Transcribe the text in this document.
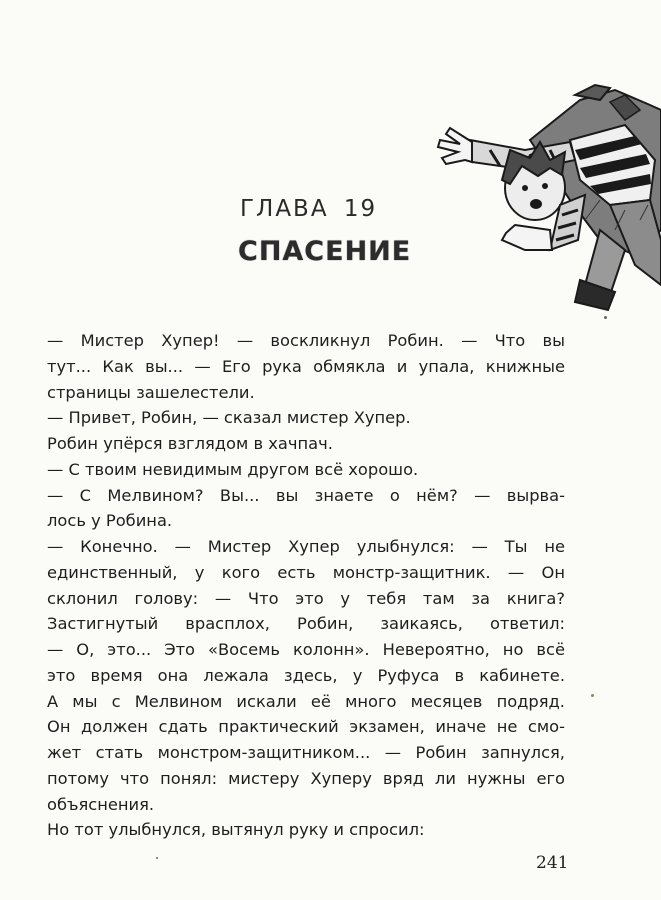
ГЛАВА 19
СПАСЕНИЕ

— Мистер Хупер! — воскликнул Робин. — Что вы

тут... Как вы... — Его рука обмякла и упала, книжные

страницы зашелестели.

— Привет, Робин, — сказал мистер Хупер.

Робин упёрся взглядом в хачпач.

— С твоим невидимым другом всё хорошо.

— С Мелвином? Вы... вы знаете о нём? — вырва-

лось у Робина.

— Конечно. — Мистер Хупер улыбнулся: — Ты не

единственный, у кого есть монстр-защитник. — Он

склонил голову: — Что это у тебя там за книга?

Застигнутый врасплох, Робин, заикаясь, ответил:

— О, это... Это «Восемь колонн». Невероятно, но всё

это время она лежала здесь, у Руфуса в кабинете.

А мы с Мелвином искали её много месяцев подряд.

Он должен сдать практический экзамен, иначе не смо-

жет стать монстром-защитником... — Робин запнулся,

потому что понял: мистеру Хуперу вряд ли нужны его

объяснения.

Но тот улыбнулся, вытянул руку и спросил:

241
